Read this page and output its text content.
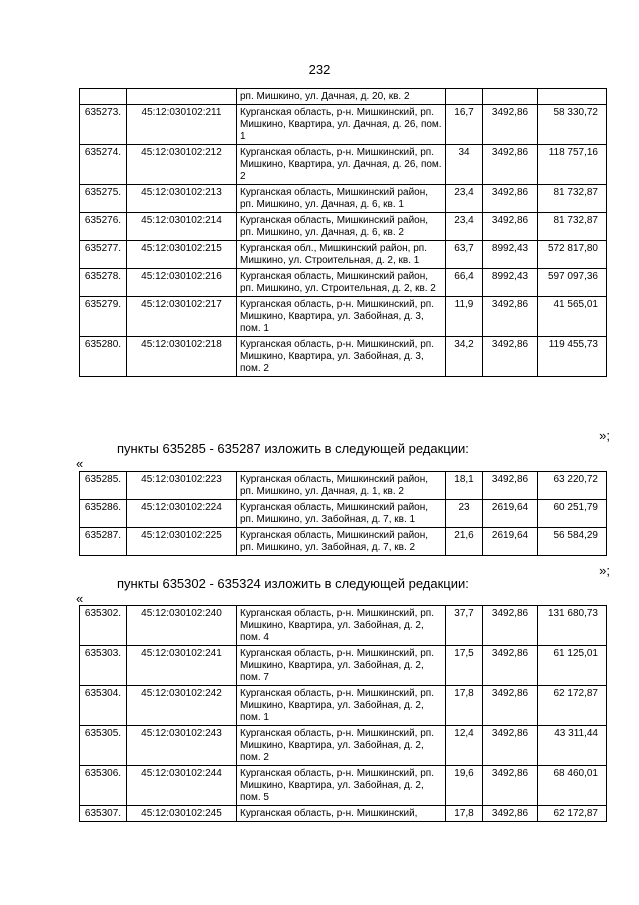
232
		рп. Мишкино, ул. Дачная, д. 20, кв. 2			
635273.	45:12:030102:211	Курганская область, р-н. Мишкинский, рп. Мишкино, Квартира, ул. Дачная, д. 26, пом. 1	16,7	3492,86	58 330,72
635274.	45:12:030102:212	Курганская область, р-н. Мишкинский, рп. Мишкино, Квартира, ул. Дачная, д. 26, пом. 2	34	3492,86	118 757,16
635275.	45:12:030102:213	Курганская область, Мишкинский район, рп. Мишкино, ул. Дачная, д. 6, кв. 1	23,4	3492,86	81 732,87
635276.	45:12:030102:214	Курганская область, Мишкинский район, рп. Мишкино, ул. Дачная, д. 6, кв. 2	23,4	3492,86	81 732,87
635277.	45:12:030102:215	Курганская обл., Мишкинский район, рп. Мишкино, ул. Строительная, д. 2, кв. 1	63,7	8992,43	572 817,80
635278.	45:12:030102:216	Курганская область, Мишкинский район, рп. Мишкино, ул. Строительная, д. 2, кв. 2	66,4	8992,43	597 097,36
635279.	45:12:030102:217	Курганская область, р-н. Мишкинский, рп. Мишкино, Квартира, ул. Забойная, д. 3, пом. 1	11,9	3492,86	41 565,01
635280.	45:12:030102:218	Курганская область, р-н. Мишкинский, рп. Мишкино, Квартира, ул. Забойная, д. 3, пом. 2	34,2	3492,86	119 455,73
»;
пункты 635285 - 635287 изложить в следующей редакции:
«
635285.	45:12:030102:223	Курганская область, Мишкинский район, рп. Мишкино, ул. Дачная, д. 1, кв. 2	18,1	3492,86	63 220,72
635286.	45:12:030102:224	Курганская область, Мишкинский район, рп. Мишкино, ул. Забойная, д. 7, кв. 1	23	2619,64	60 251,79
635287.	45:12:030102:225	Курганская область, Мишкинский район, рп. Мишкино, ул. Забойная, д. 7, кв. 2	21,6	2619,64	56 584,29
»;
пункты 635302 - 635324 изложить в следующей редакции:
«
635302.	45:12:030102:240	Курганская область, р-н. Мишкинский, рп. Мишкино, Квартира, ул. Забойная, д. 2, пом. 4	37,7	3492,86	131 680,73
635303.	45:12:030102:241	Курганская область, р-н. Мишкинский, рп. Мишкино, Квартира, ул. Забойная, д. 2, пом. 7	17,5	3492,86	61 125,01
635304.	45:12:030102:242	Курганская область, р-н. Мишкинский, рп. Мишкино, Квартира, ул. Забойная, д. 2, пом. 1	17,8	3492,86	62 172,87
635305.	45:12:030102:243	Курганская область, р-н. Мишкинский, рп. Мишкино, Квартира, ул. Забойная, д. 2, пом. 2	12,4	3492,86	43 311,44
635306.	45:12:030102:244	Курганская область, р-н. Мишкинский, рп. Мишкино, Квартира, ул. Забойная, д. 2, пом. 5	19,6	3492,86	68 460,01
635307.	45:12:030102:245	Курганская область, р-н. Мишкинский,	17,8	3492,86	62 172,87
